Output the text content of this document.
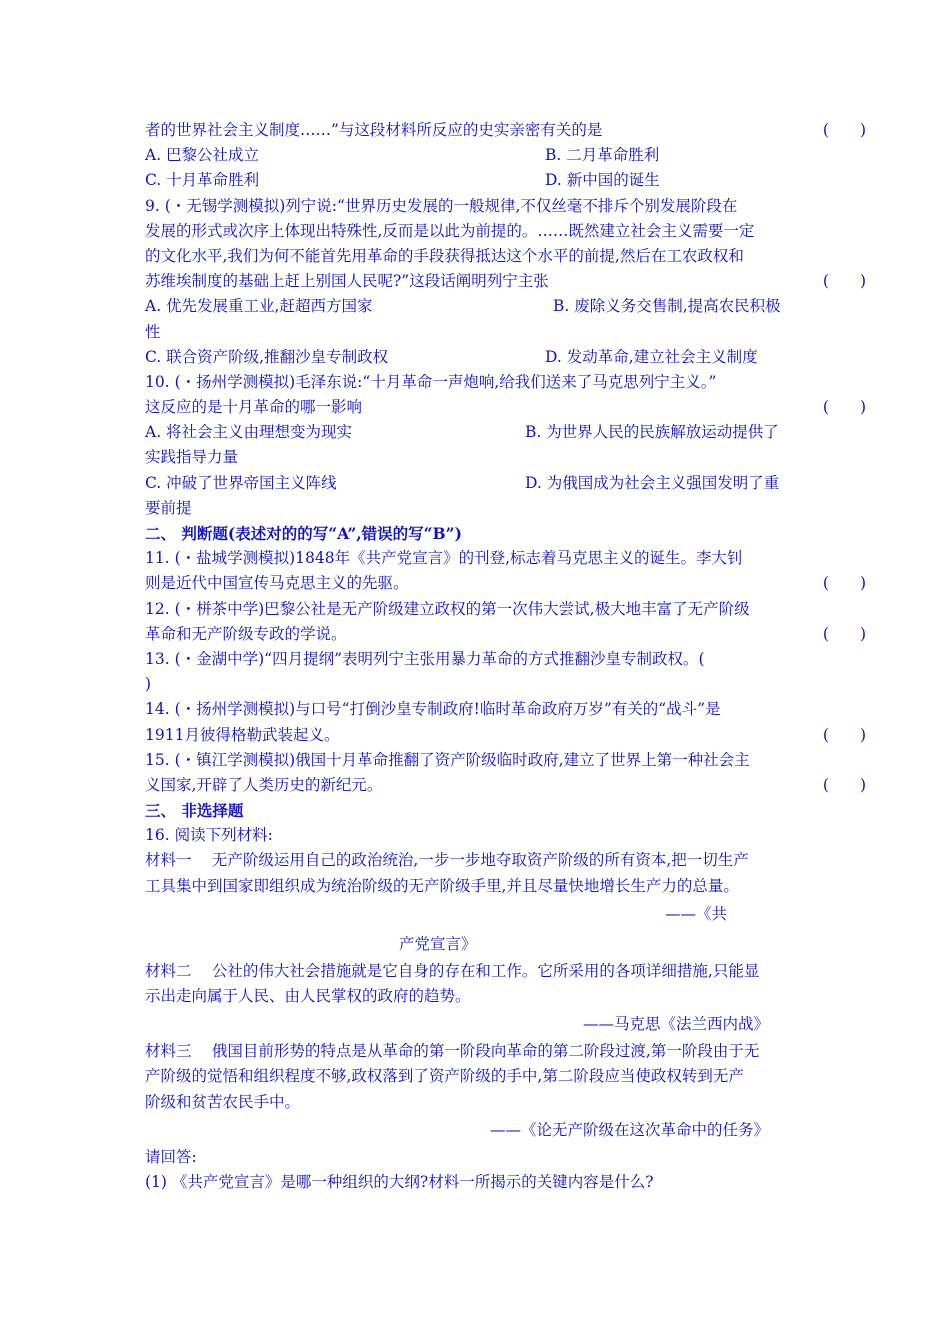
者的世界社会主义制度……”与这段材料所反应的史实亲密有关的是	(　　)
A. 巴黎公社成立	B. 二月革命胜利
C. 十月革命胜利	D. 新中国的诞生
9. (・无锡学测模拟)列宁说:“世界历史发展的一般规律,不仅丝毫不排斥个别发展阶段在
发展的形式或次序上体现出特殊性,反而是以此为前提的。……既然建立社会主义需要一定
的文化水平,我们为何不能首先用革命的手段获得抵达这个水平的前提,然后在工农政权和
苏维埃制度的基础上赶上别国人民呢?”这段话阐明列宁主张	(　　)
A. 优先发展重工业,赶超西方国家	B. 废除义务交售制,提高农民积极
性
C. 联合资产阶级,推翻沙皇专制政权	D. 发动革命,建立社会主义制度
10. (・扬州学测模拟)毛泽东说:“十月革命一声炮响,给我们送来了马克思列宁主义。”
这反应的是十月革命的哪一影响	(　　)
A. 将社会主义由理想变为现实	B. 为世界人民的民族解放运动提供了
实践指导力量
C. 冲破了世界帝国主义阵线	D. 为俄国成为社会主义强国发明了重
要前提
二、 判断题(表述对的的写“A”,错误的写“B”)
11. (・盐城学测模拟)1848年《共产党宣言》的刊登,标志着马克思主义的诞生。李大钊
则是近代中国宣传马克思主义的先驱。	(　　)
12. (・栟茶中学)巴黎公社是无产阶级建立政权的第一次伟大尝试,极大地丰富了无产阶级
革命和无产阶级专政的学说。	(　　)
13. (・金湖中学)“四月提纲”表明列宁主张用暴力革命的方式推翻沙皇专制政权。(
)
14. (・扬州学测模拟)与口号“打倒沙皇专制政府!临时革命政府万岁”有关的“战斗”是
1911月彼得格勒武装起义。	(　　)
15. (・镇江学测模拟)俄国十月革命推翻了资产阶级临时政府,建立了世界上第一种社会主
义国家,开辟了人类历史的新纪元。	(　　)
三、 非选择题
16. 阅读下列材料:
材料一　 无产阶级运用自己的政治统治,一步一步地夺取资产阶级的所有资本,把一切生产
工具集中到国家即组织成为统治阶级的无产阶级手里,并且尽量快地增长生产力的总量。
——《共
产党宣言》
材料二　 公社的伟大社会措施就是它自身的存在和工作。它所采用的各项详细措施,只能显
示出走向属于人民、由人民掌权的政府的趋势。
——马克思《法兰西内战》
材料三　 俄国目前形势的特点是从革命的第一阶段向革命的第二阶段过渡,第一阶段由于无
产阶级的觉悟和组织程度不够,政权落到了资产阶级的手中,第二阶段应当使政权转到无产
阶级和贫苦农民手中。
——《论无产阶级在这次革命中的任务》
请回答:
(1) 《共产党宣言》是哪一种组织的大纲?材料一所揭示的关键内容是什么?
